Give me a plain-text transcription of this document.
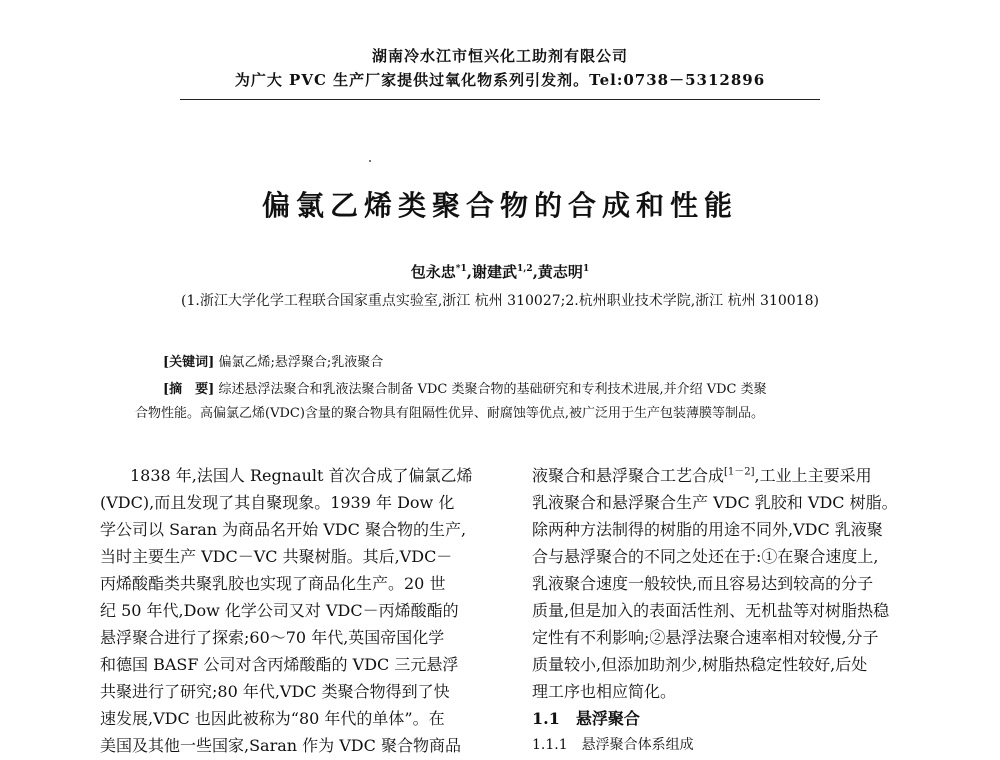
湖南冷水江市恒兴化工助剂有限公司
为广大 PVC 生产厂家提供过氧化物系列引发剂。Tel:0738－5312896
偏氯乙烯类聚合物的合成和性能
包永忠$^{*1}$,谢建武$^{1,2}$,黄志明$^1$
(1.浙江大学化学工程联合国家重点实验室,浙江 杭州 310027;2.杭州职业技术学院,浙江 杭州 310018)
[关键词] 偏氯乙烯;悬浮聚合;乳液聚合
[摘　要] 综述悬浮法聚合和乳液法聚合制备 VDC 类聚合物的基础研究和专利技术进展,并介绍 VDC 类聚
合物性能。高偏氯乙烯(VDC)含量的聚合物具有阻隔性优异、耐腐蚀等优点,被广泛用于生产包装薄膜等制品。
1838 年,法国人 Regnault 首次合成了偏氯乙烯
(VDC),而且发现了其自聚现象。1939 年 Dow 化
学公司以 Saran 为商品名开始 VDC 聚合物的生产,
当时主要生产 VDC－VC 共聚树脂。其后,VDC－
丙烯酸酯类共聚乳胶也实现了商品化生产。20 世
纪 50 年代,Dow 化学公司又对 VDC－丙烯酸酯的
悬浮聚合进行了探索;60～70 年代,英国帝国化学
和德国 BASF 公司对含丙烯酸酯的 VDC 三元悬浮
共聚进行了研究;80 年代,VDC 类聚合物得到了快
速发展,VDC 也因此被称为“80 年代的单体”。在
美国及其他一些国家,Saran 作为 VDC 聚合物商品
液聚合和悬浮聚合工艺合成[1－2],工业上主要采用
乳液聚合和悬浮聚合生产 VDC 乳胶和 VDC 树脂。
除两种方法制得的树脂的用途不同外,VDC 乳液聚
合与悬浮聚合的不同之处还在于:①在聚合速度上,
乳液聚合速度一般较快,而且容易达到较高的分子
质量,但是加入的表面活性剂、无机盐等对树脂热稳
定性有不利影响;②悬浮法聚合速率相对较慢,分子
质量较小,但添加助剂少,树脂热稳定性较好,后处
理工序也相应简化。
1.1　悬浮聚合
1.1.1　悬浮聚合体系组成
